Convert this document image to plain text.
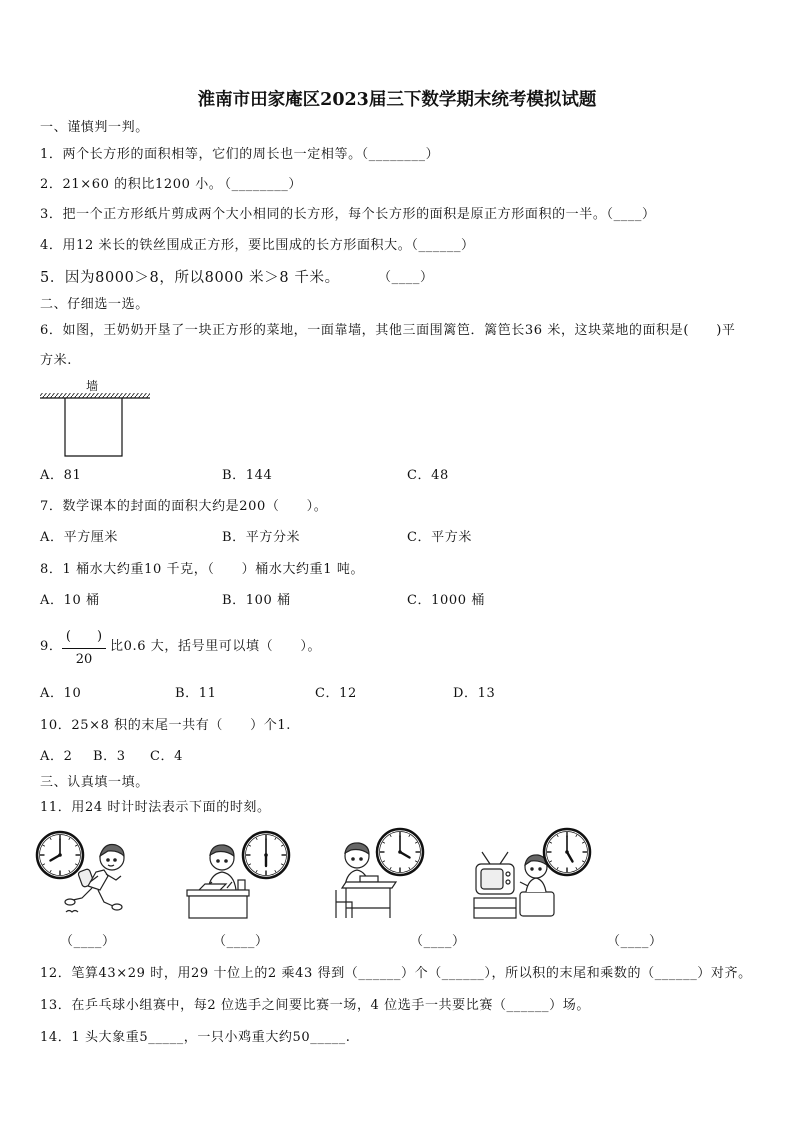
淮南市田家庵区2023届三下数学期末统考模拟试题
一、谨慎判一判。
1．两个长方形的面积相等，它们的周长也一定相等。（________）
2．21×60 的积比1200 小。
（________）
3．把一个正方形纸片剪成两个大小相同的长方形，每个长方形的面积是原正方形面积的一半。（____）
4．用12 米长的铁丝围成正方形，要比围成的长方形面积大。（______）
5．因为8000＞8，所以8000 米＞8 千米。	（____）
二、仔细选一选。
6．如图，王奶奶开垦了一块正方形的菜地，一面靠墙，其他三面围篱笆．篱笆长36 米，这块菜地的面积是(　　)平
方米.
墙
A．81	B．144	C．48
7．数学课本的封面的面积大约是200（　　）。
A．平方厘米	B．平方分米	C．平方米
8．1 桶水大约重10 千克，（　　）桶水大约重1 吨。
A．10 桶	B．100 桶	C．1000 桶
9．
(　　)
20
比0.6 大，括号里可以填（　　）。
A．10	B．11	C．12	D．13
10．25×8 积的末尾一共有（　　）个1.
A．2 B．3 C．4
三、认真填一填。
11．用24 时计时法表示下面的时刻。
（____）	（____）	（____）	（____）
12．笔算43×29 时，用29 十位上的2 乘43 得到（______）个（______），所以积的末尾和乘数的（______）对齐。
13．在乒乓球小组赛中，每2 位选手之间要比赛一场，4 位选手一共要比赛（______）场。
14．1 头大象重5_____，一只小鸡重大约50_____.
